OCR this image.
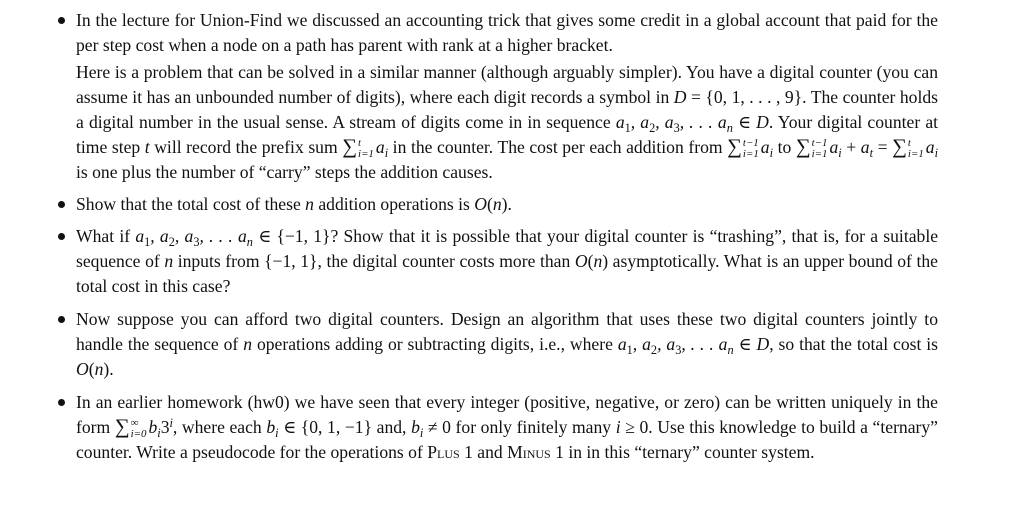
In the lecture for Union-Find we discussed an accounting trick that gives some credit in a global account that paid for the per step cost when a node on a path has parent with rank at a higher bracket.

Here is a problem that can be solved in a similar manner (although arguably simpler). You have a digital counter (you can assume it has an unbounded number of digits), where each digit records a symbol in D = {0, 1, . . . , 9}. The counter holds a digital number in the usual sense. A stream of digits come in in sequence $a_1$, $a_2$, $a_3$, . . . $a_n$ ∈ D. Your digital counter at time step t will record the prefix sum ∑ t
i=1 $a_i$ in the counter. The cost per each addition from ∑ t−1
i=1 $a_i$ to ∑ t−1
i=1 $a_i + a_t$ = ∑ t
i=1 $a_i$ is one plus the number of “carry” steps the addition causes.

Show that the total cost of these n addition operations is O(n).

What if $a_1$, $a_2$, $a_3$, . . . $a_n$ ∈ {−1, 1}? Show that it is possible that your digital counter is “trashing”, that is, for a suitable sequence of n inputs from {−1, 1}, the digital counter costs more than O(n) asymptotically. What is an upper bound of the total cost in this case?

Now suppose you can afford two digital counters. Design an algorithm that uses these two digital counters jointly to handle the sequence of n operations adding or subtracting digits, i.e., where $a_1$, $a_2$, $a_3$, . . . $a_n$ ∈ D, so that the total cost is O(n).

In an earlier homework (hw0) we have seen that every integer (positive, negative, or zero) can be written uniquely in the form ∑ ∞
i=0 $b_i3^i$, where each $b_i$ ∈ {0, 1, −1} and, $b_i \ne 0$ for only finitely many i ≥ 0. Use this knowledge to build a “ternary” counter. Write a pseudocode for the operations of Plus 1 and Minus 1 in in this “ternary” counter system.
